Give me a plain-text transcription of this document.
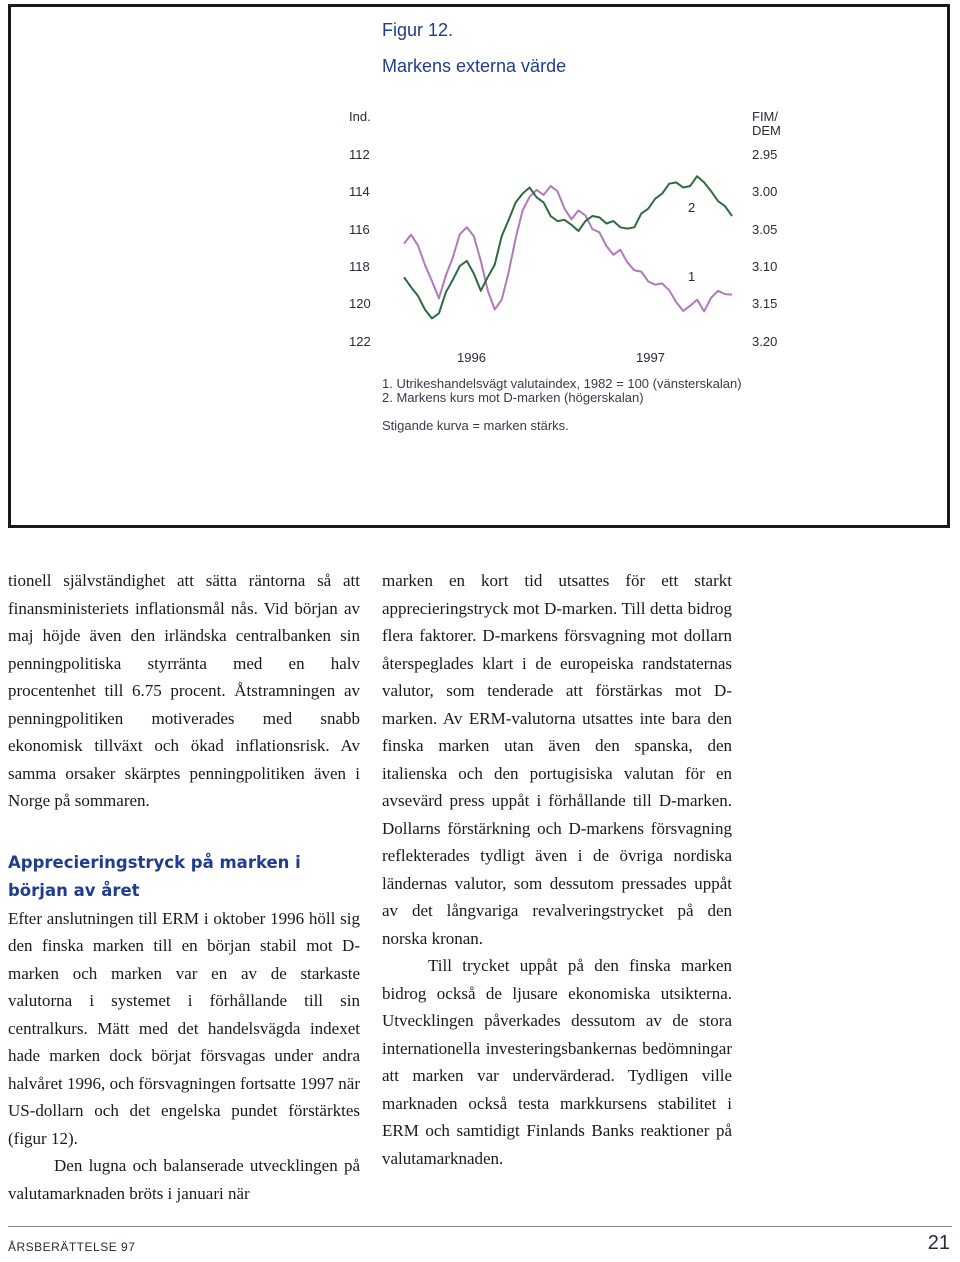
Figur 12.
Markens externa värde
Ind.	FIM/
DEM
112
114
116
118
120
122
2.95
3.00
3.05
3.10
3.15
3.20
1996	1997
2
1
1. Utrikeshandelsvägt valutaindex, 1982 = 100 (vänsterskalan)
2. Markens kurs mot D-marken (högerskalan)
Stigande kurva = marken stärks.

tionell självständighet att sätta räntorna så att finansministeriets inflationsmål nås. Vid början av maj höjde även den irländska centralbanken sin penningpolitiska styrränta med en halv procentenhet till 6.75 procent. Åtstramningen av penningpolitiken motiverades med snabb ekonomisk tillväxt och ökad inflationsrisk. Av samma orsaker skärptes penningpolitiken även i Norge på sommaren.

Apprecieringstryck på marken i början av året

Efter anslutningen till ERM i oktober 1996 höll sig den finska marken till en början stabil mot D-marken och marken var en av de starkaste valutorna i systemet i förhållande till sin centralkurs. Mätt med det handelsvägda indexet hade marken dock börjat försvagas under andra halvåret 1996, och försvagningen fortsatte 1997 när US-dollarn och det engelska pundet förstärktes (figur 12).

Den lugna och balanserade utvecklingen på valutamarknaden bröts i januari när

marken en kort tid utsattes för ett starkt apprecieringstryck mot D-marken. Till detta bidrog flera faktorer. D-markens försvagning mot dollarn återspeglades klart i de europeiska randstaternas valutor, som tenderade att förstärkas mot D-marken. Av ERM-valutorna utsattes inte bara den finska marken utan även den spanska, den italienska och den portugisiska valutan för en avsevärd press uppåt i förhållande till D-marken. Dollarns förstärkning och D-markens försvagning reflekterades tydligt även i de övriga nordiska ländernas valutor, som dessutom pressades uppåt av det långvariga revalveringstrycket på den norska kronan.

Till trycket uppåt på den finska marken bidrog också de ljusare ekonomiska utsikterna. Utvecklingen påverkades dessutom av de stora internationella investeringsbankernas bedömningar att marken var undervärderad. Tydligen ville marknaden också testa markkursens stabilitet i ERM och samtidigt Finlands Banks reaktioner på valutamarknaden.

ÅRSBERÄTTELSE 97	21
